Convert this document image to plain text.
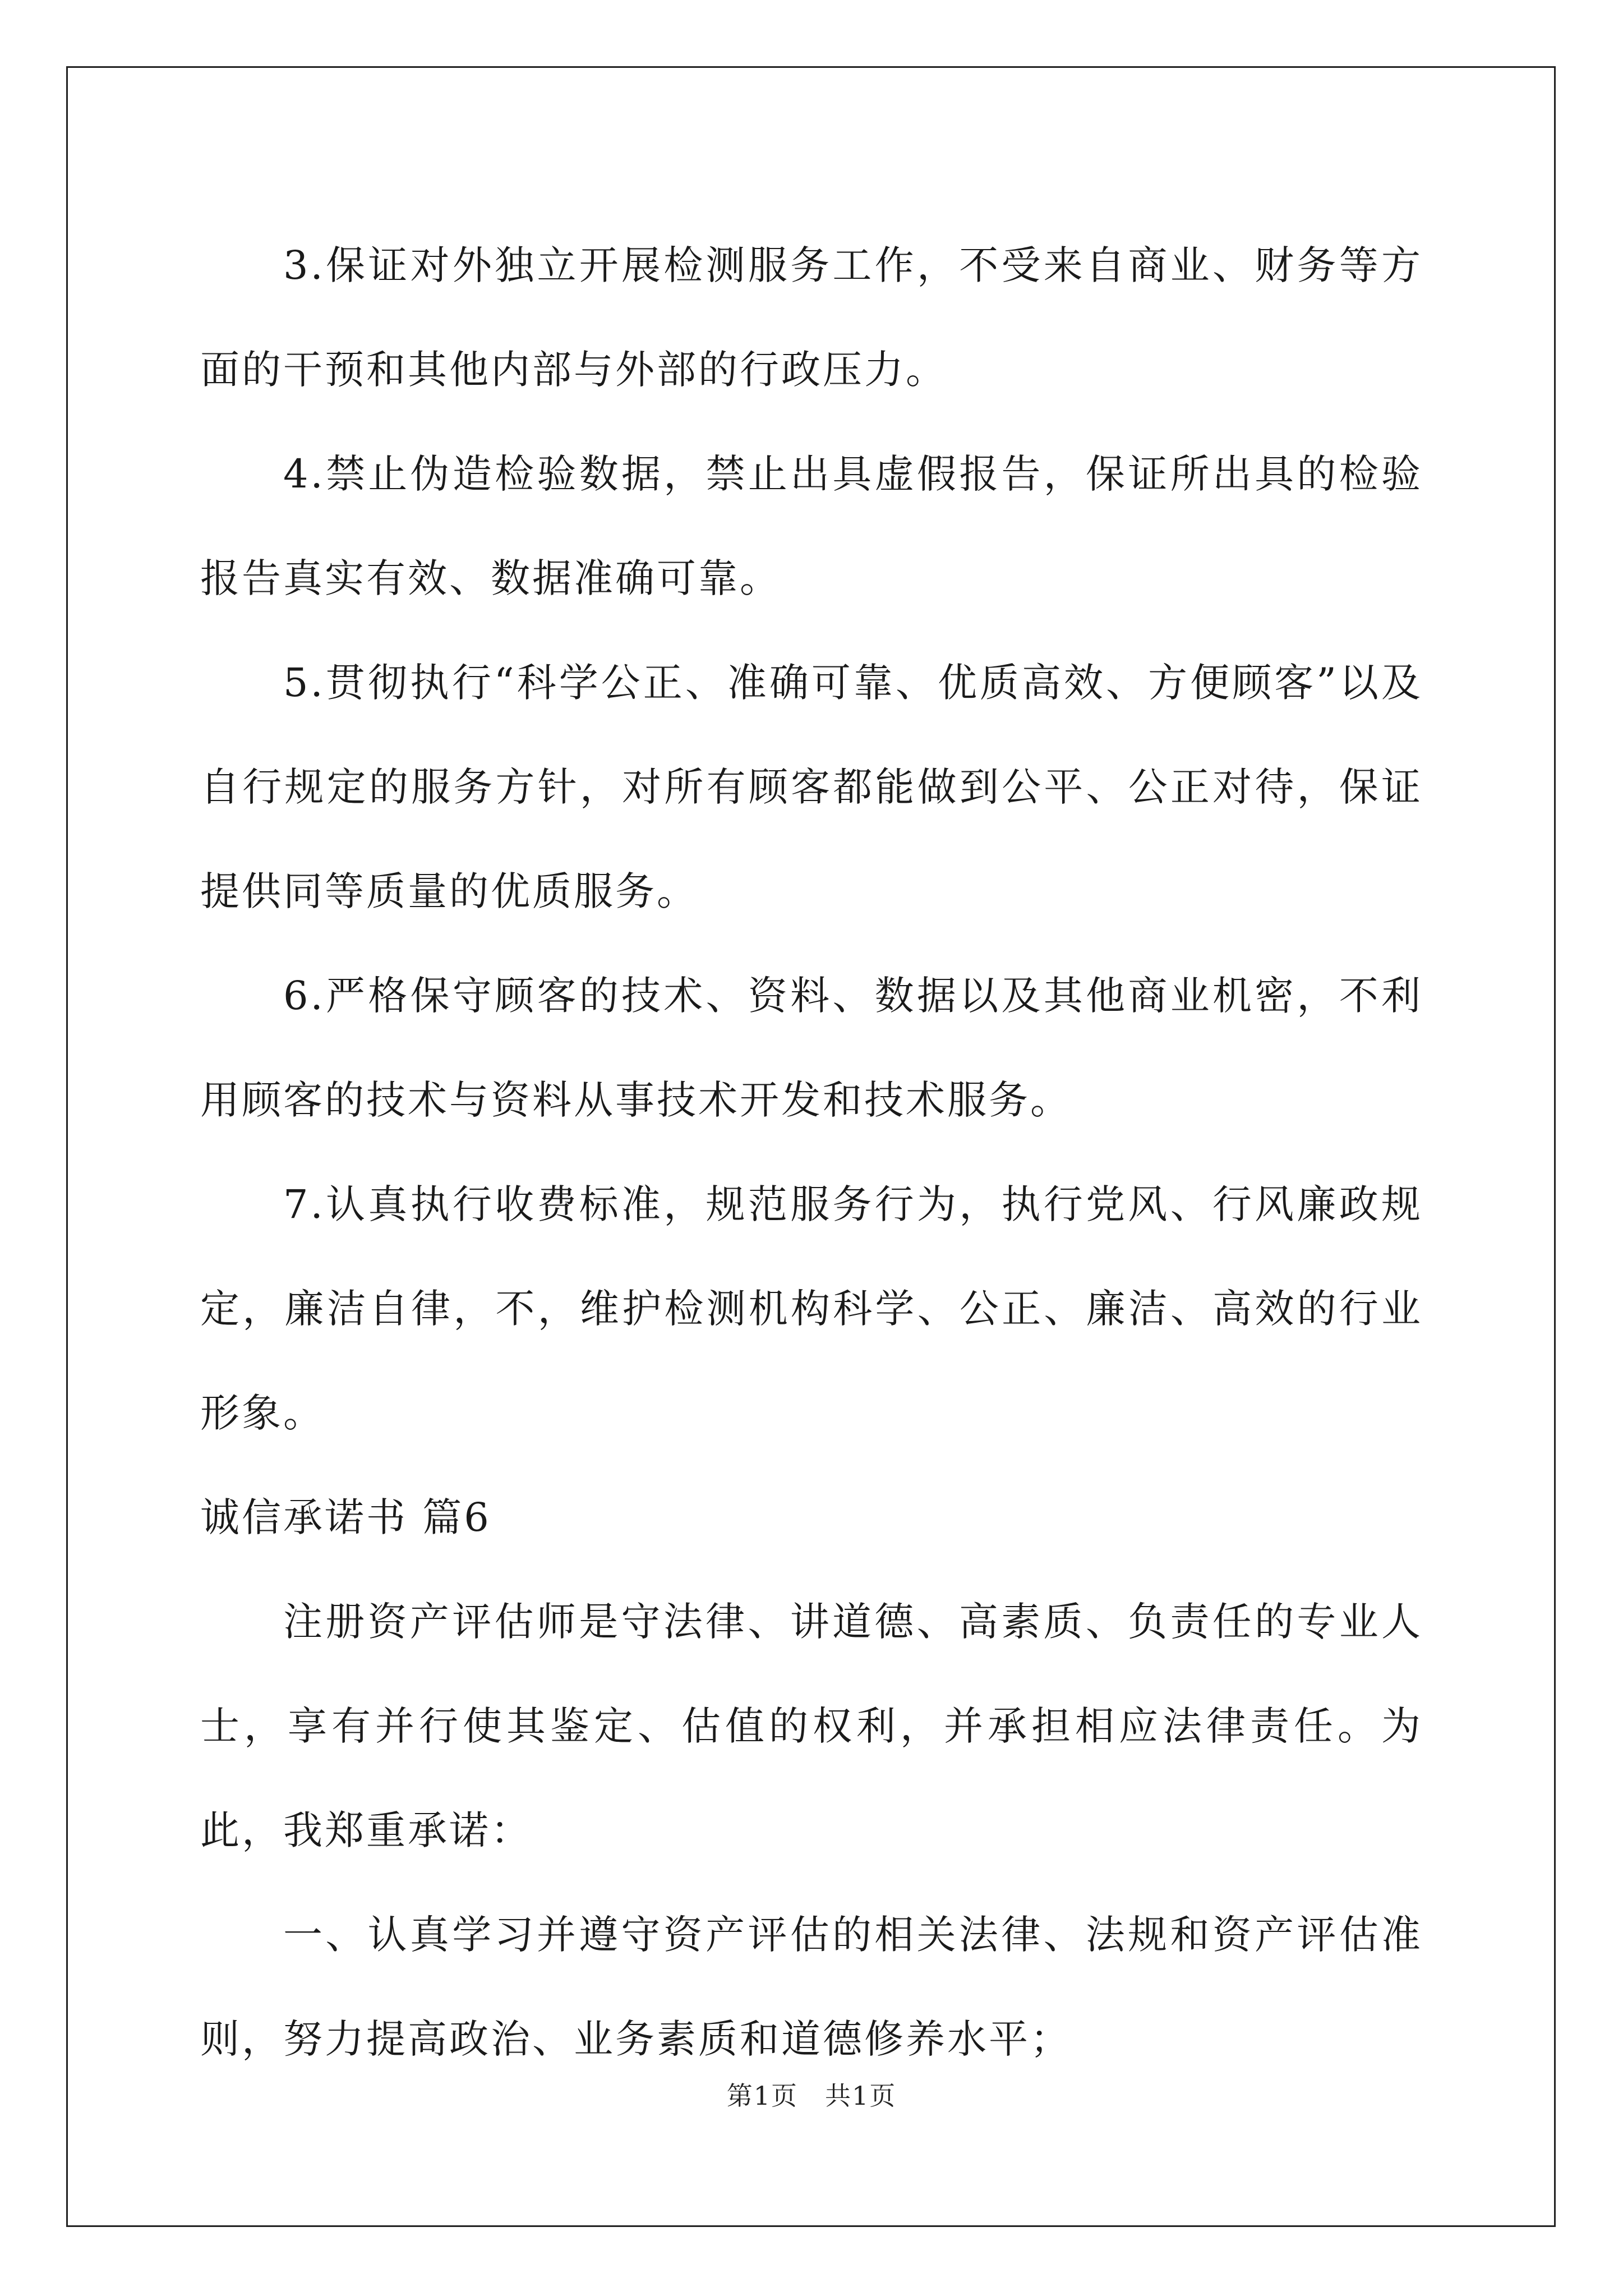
3.保证对外独立开展检测服务工作，不受来自商业、财务等方面的干预和其他内部与外部的行政压力。

4.禁止伪造检验数据，禁止出具虚假报告，保证所出具的检验报告真实有效、数据准确可靠。

5.贯彻执行“科学公正、准确可靠、优质高效、方便顾客”以及自行规定的服务方针，对所有顾客都能做到公平、公正对待，保证提供同等质量的优质服务。

6.严格保守顾客的技术、资料、数据以及其他商业机密，不利用顾客的技术与资料从事技术开发和技术服务。

7.认真执行收费标准，规范服务行为，执行党风、行风廉政规定，廉洁自律，不，维护检测机构科学、公正、廉洁、高效的行业形象。

诚信承诺书 篇6

注册资产评估师是守法律、讲道德、高素质、负责任的专业人士，享有并行使其鉴定、估值的权利，并承担相应法律责任。为此，我郑重承诺：

一、认真学习并遵守资产评估的相关法律、法规和资产评估准则，努力提高政治、业务素质和道德修养水平；

第1页　共1页
